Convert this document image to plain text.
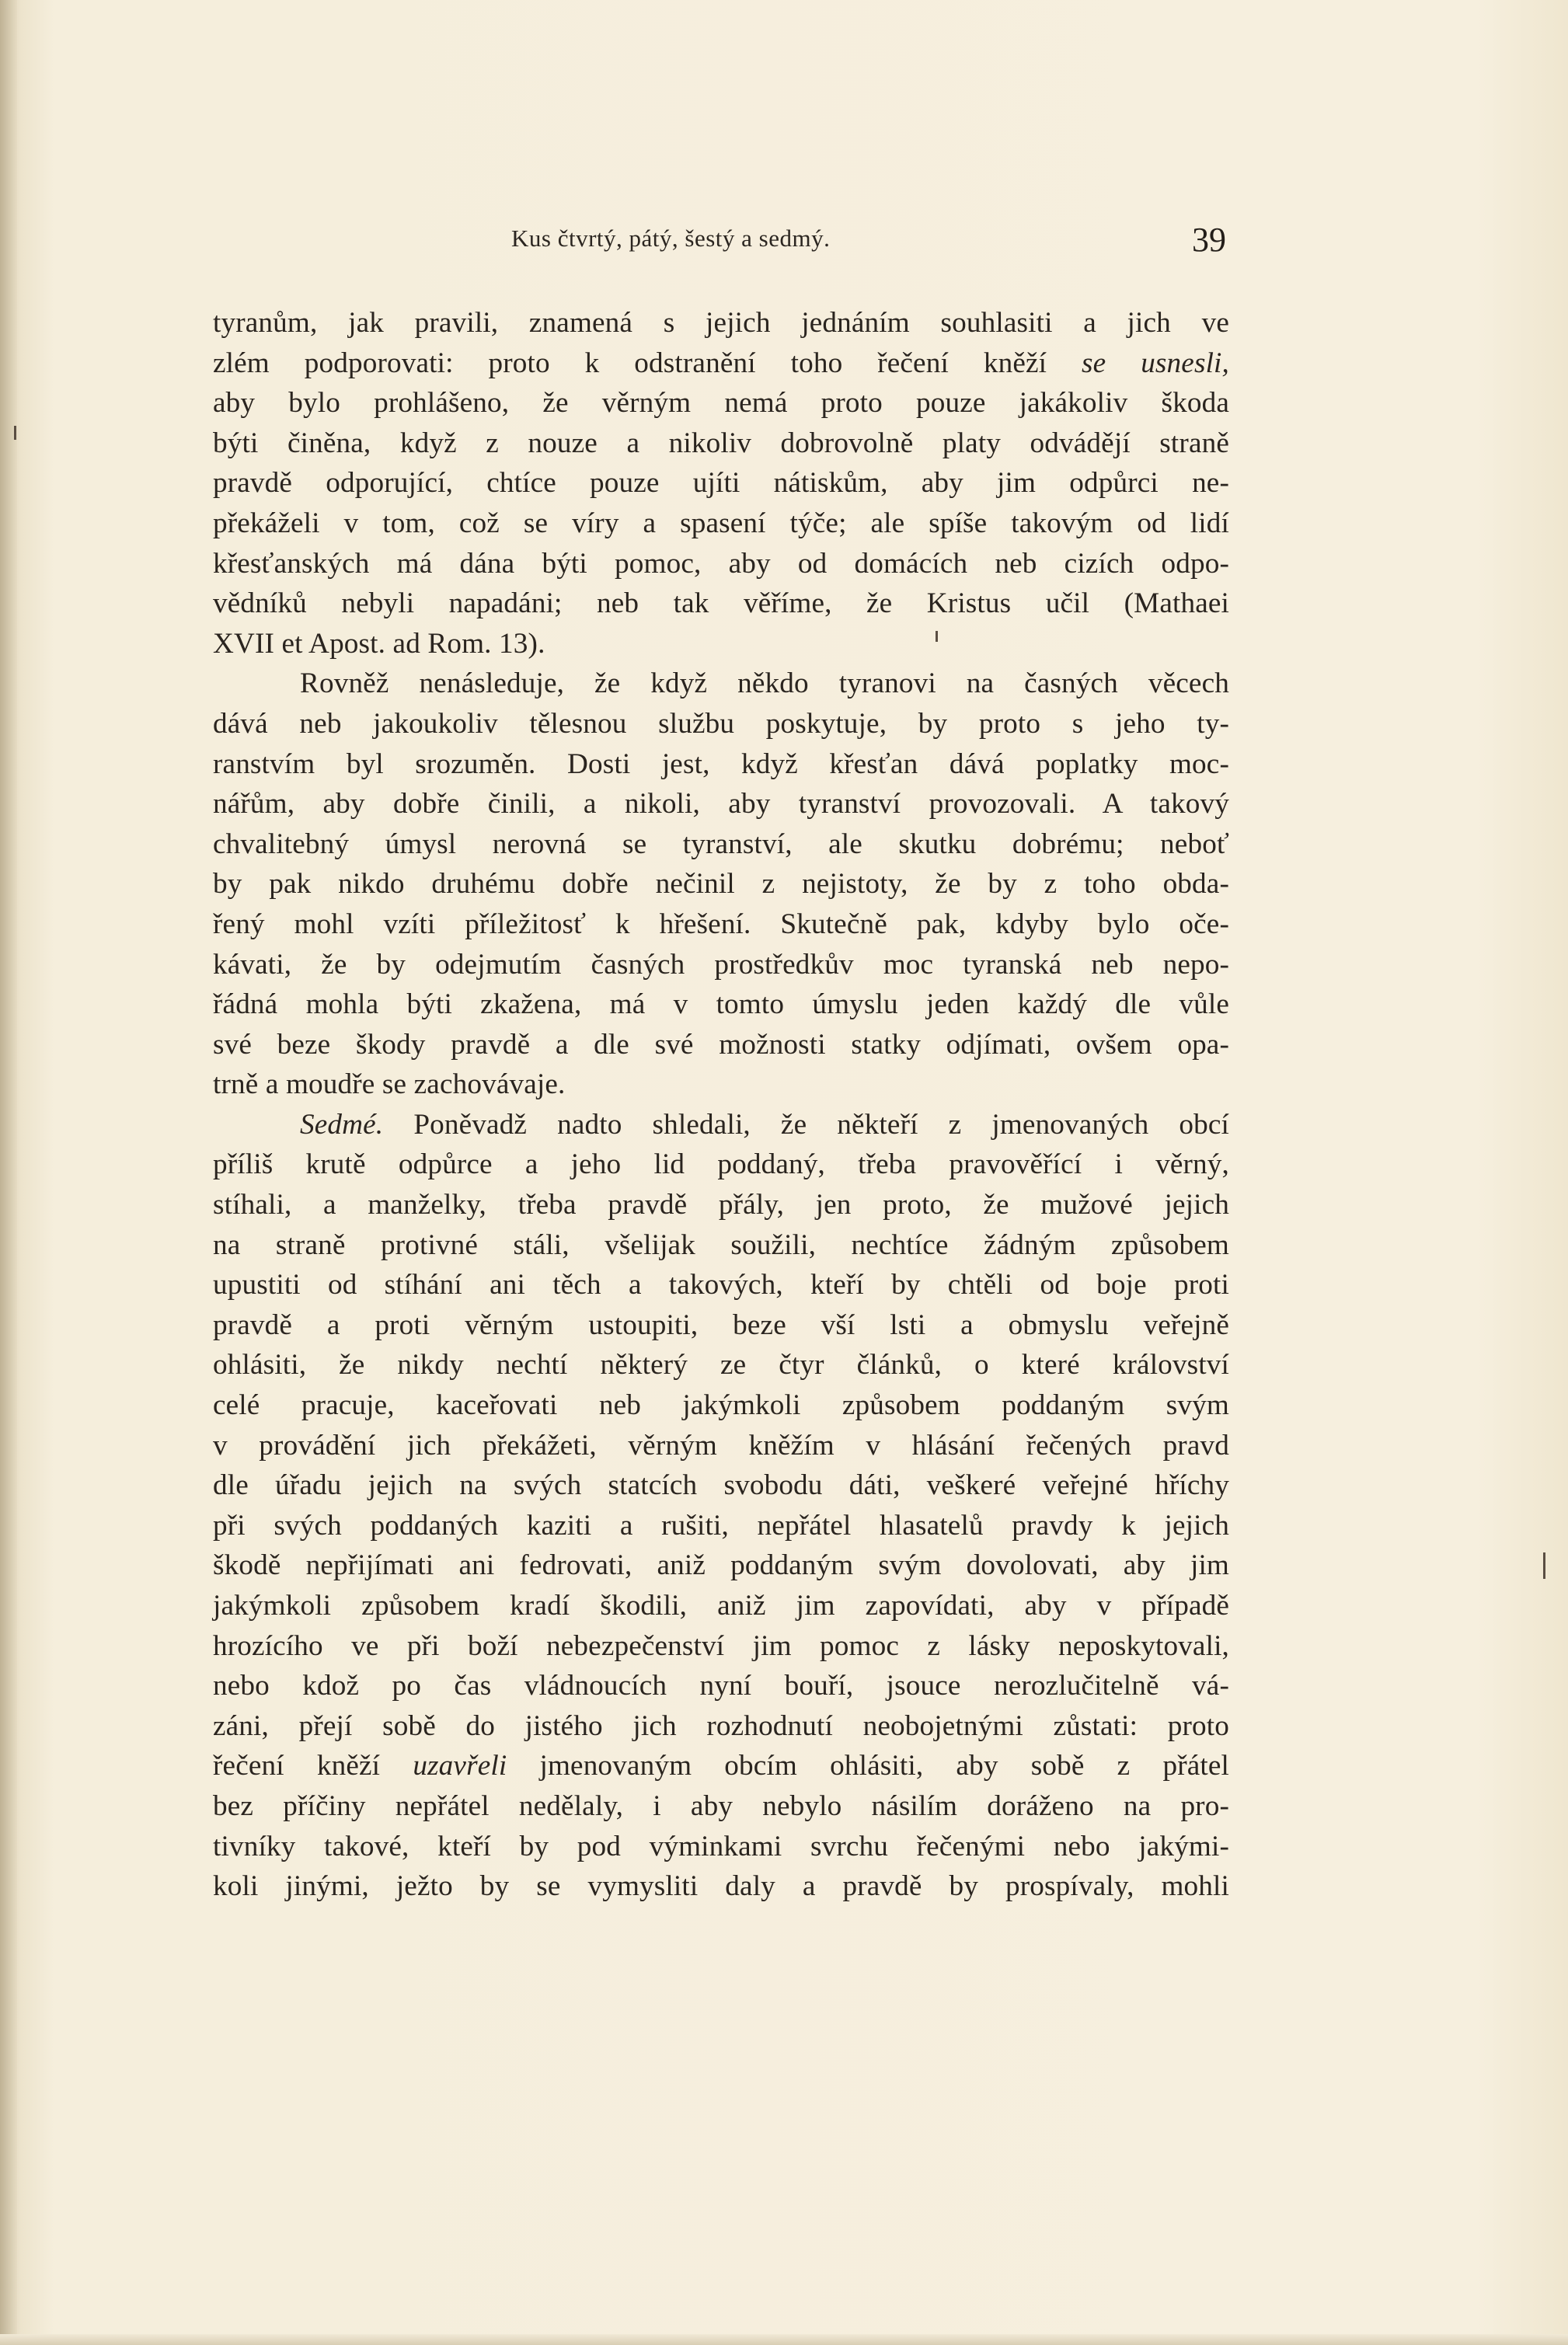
Kus čtvrtý, pátý, šestý a sedmý.	39
tyranům, jak pravili, znamená s jejich jednáním souhlasiti a jich ve
zlém podporovati: proto k odstranění toho řečení kněží se usnesli,
aby bylo prohlášeno, že věrným nemá proto pouze jakákoliv škoda
býti činěna, když z nouze a nikoliv dobrovolně platy odvádějí straně
pravdě odporující, chtíce pouze ujíti nátiskům, aby jim odpůrci ne-
překáželi v tom, což se víry a spasení týče; ale spíše takovým od lidí
křesťanských má dána býti pomoc, aby od domácích neb cizích odpo-
vědníků nebyli napadáni; neb tak věříme, že Kristus učil (Mathaei
XVII et Apost. ad Rom. 13).
Rovněž nenásleduje, že když někdo tyranovi na časných věcech
dává neb jakoukoliv tělesnou službu poskytuje, by proto s jeho ty-
ranstvím byl srozuměn. Dosti jest, když křesťan dává poplatky moc-
nářům, aby dobře činili, a nikoli, aby tyranství provozovali. A takový
chvalitebný úmysl nerovná se tyranství, ale skutku dobrému; neboť
by pak nikdo druhému dobře nečinil z nejistoty, že by z toho obda-
řený mohl vzíti příležitosť k hřešení. Skutečně pak, kdyby bylo oče-
kávati, že by odejmutím časných prostředkův moc tyranská neb nepo-
řádná mohla býti zkažena, má v tomto úmyslu jeden každý dle vůle
své beze škody pravdě a dle své možnosti statky odjímati, ovšem opa-
trně a moudře se zachovávaje.
Sedmé. Poněvadž nadto shledali, že někteří z jmenovaných obcí
příliš krutě odpůrce a jeho lid poddaný, třeba pravověřící i věrný,
stíhali, a manželky, třeba pravdě přály, jen proto, že mužové jejich
na straně protivné stáli, všelijak soužili, nechtíce žádným způsobem
upustiti od stíhání ani těch a takových, kteří by chtěli od boje proti
pravdě a proti věrným ustoupiti, beze vší lsti a obmyslu veřejně
ohlásiti, že nikdy nechtí některý ze čtyr článků, o které království
celé pracuje, kaceřovati neb jakýmkoli způsobem poddaným svým
v provádění jich překážeti, věrným kněžím v hlásání řečených pravd
dle úřadu jejich na svých statcích svobodu dáti, veškeré veřejné hříchy
při svých poddaných kaziti a rušiti, nepřátel hlasatelů pravdy k jejich
škodě nepřijímati ani fedrovati, aniž poddaným svým dovolovati, aby jim
jakýmkoli způsobem kradí škodili, aniž jim zapovídati, aby v případě
hrozícího ve při boží nebezpečenství jim pomoc z lásky neposkytovali,
nebo kdož po čas vládnoucích nyní bouří, jsouce nerozlučitelně vá-
záni, přejí sobě do jistého jich rozhodnutí neobojetnými zůstati: proto
řečení kněží uzavřeli jmenovaným obcím ohlásiti, aby sobě z přátel
bez příčiny nepřátel nedělaly, i aby nebylo násilím doráženo na pro-
tivníky takové, kteří by pod výminkami svrchu řečenými nebo jakými-
koli jinými, ježto by se vymysliti daly a pravdě by prospívaly, mohli
